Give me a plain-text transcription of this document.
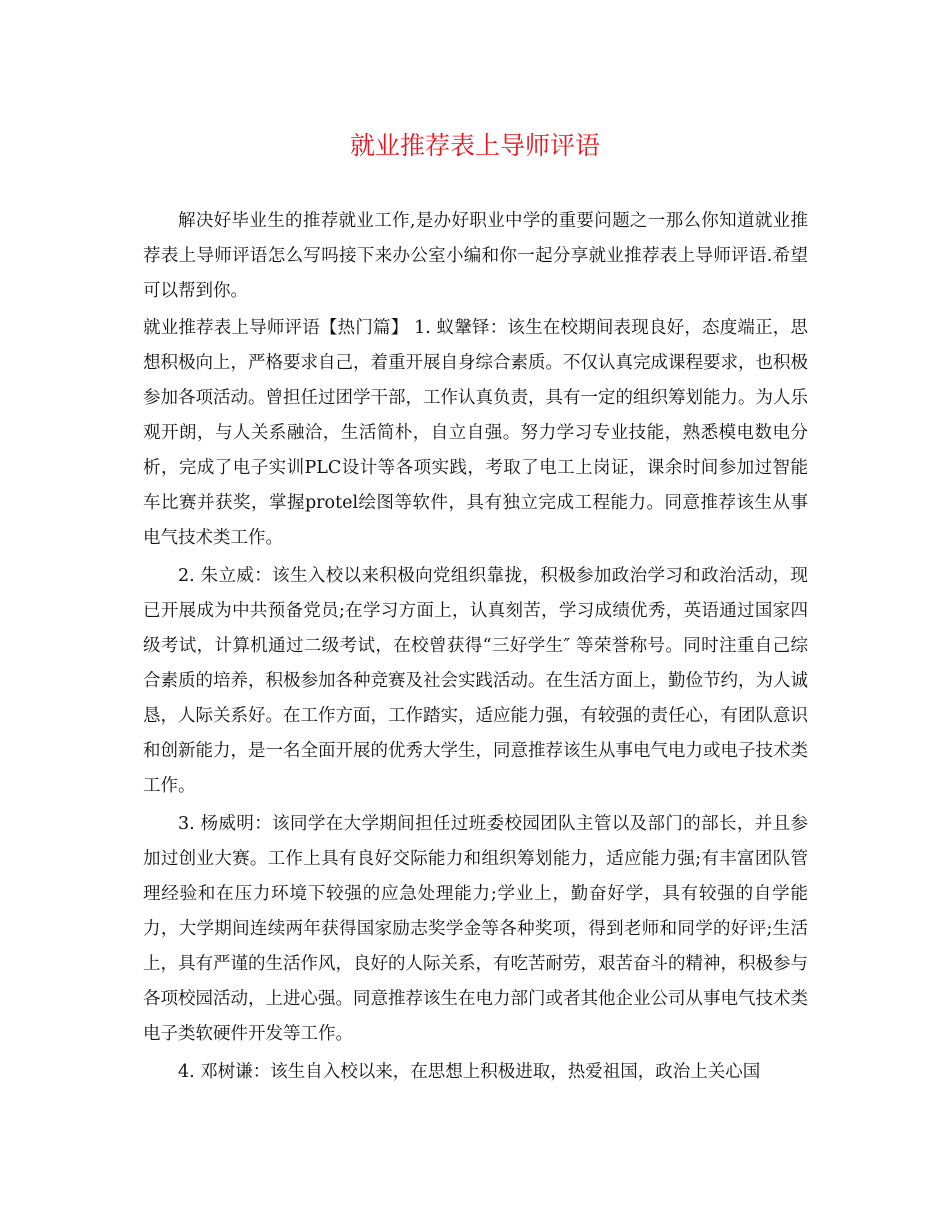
就业推荐表上导师评语

解决好毕业生的推荐就业工作,是办好职业中学的重要问题之一那么你知道就业推荐表上导师评语怎么写吗接下来办公室小编和你一起分享就业推荐表上导师评语.希望可以帮到你。

就业推荐表上导师评语【热门篇】 1. 蚁鞶铎：该生在校期间表现良好，态度端正，思想积极向上，严格要求自己，着重开展自身综合素质。不仅认真完成课程要求，也积极参加各项活动。曾担任过团学干部，工作认真负责，具有一定的组织筹划能力。为人乐观开朗，与人关系融洽，生活简朴，自立自强。努力学习专业技能，熟悉模电数电分析，完成了电子实训PLC设计等各项实践，考取了电工上岗证，课余时间参加过智能车比赛并获奖，掌握protel绘图等软件，具有独立完成工程能力。同意推荐该生从事电气技术类工作。

2. 朱立威：该生入校以来积极向党组织靠拢，积极参加政治学习和政治活动，现已开展成为中共预备党员;在学习方面上，认真刻苦，学习成绩优秀，英语通过国家四级考试，计算机通过二级考试，在校曾获得“三好学生″ 等荣誉称号。同时注重自己综合素质的培养，积极参加各种竞赛及社会实践活动。在生活方面上，勤俭节约，为人诚恳，人际关系好。在工作方面，工作踏实，适应能力强，有较强的责任心，有团队意识和创新能力，是一名全面开展的优秀大学生，同意推荐该生从事电气电力或电子技术类工作。

3. 杨威明：该同学在大学期间担任过班委校园团队主管以及部门的部长，并且参加过创业大赛。工作上具有良好交际能力和组织筹划能力，适应能力强;有丰富团队管理经验和在压力环境下较强的应急处理能力;学业上，勤奋好学，具有较强的自学能力，大学期间连续两年获得国家励志奖学金等各种奖项，得到老师和同学的好评;生活上，具有严谨的生活作风，良好的人际关系，有吃苦耐劳，艰苦奋斗的精神，积极参与各项校园活动，上进心强。同意推荐该生在电力部门或者其他企业公司从事电气技术类电子类软硬件开发等工作。

4. 邓树谦：该生自入校以来，在思想上积极进取，热爱祖国，政治上关心国
